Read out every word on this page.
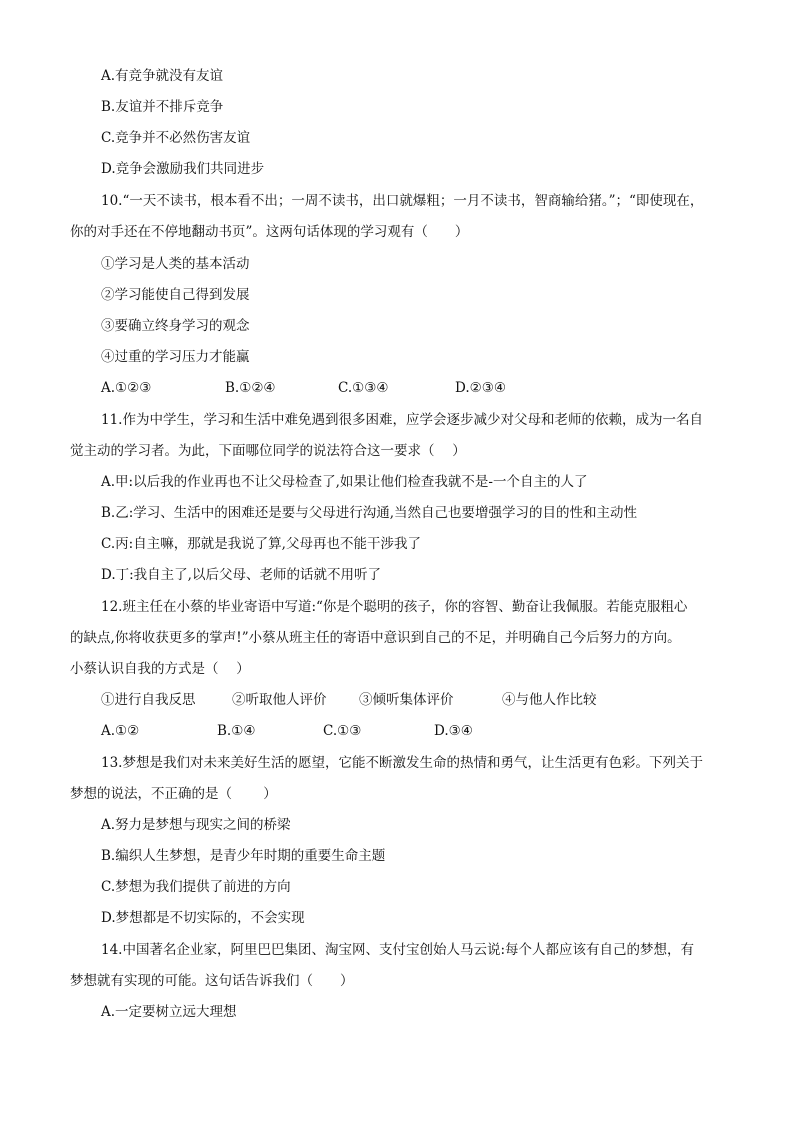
A.有竞争就没有友谊
B.友谊并不排斥竞争
C.竞争并不必然伤害友谊
D.竞争会激励我们共同进步
10.“一天不读书，根本看不出；一周不读书，出口就爆粗；一月不读书，智商输给猪。”；“即使现在，
你的对手还在不停地翻动书页”。这两句话体现的学习观有（　　）
①学习是人类的基本活动
②学习能使自己得到发展
③要确立终身学习的观念
④过重的学习压力才能赢
A.①②③	B.①②④	C.①③④	D.②③④
11.作为中学生，学习和生活中难免遇到很多困难，应学会逐步减少对父母和老师的依赖，成为一名自
觉主动的学习者。为此，下面哪位同学的说法符合这一要求（　 ）
A.甲:以后我的作业再也不让父母检查了,如果让他们检查我就不是-一个自主的人了
B.乙:学习、生活中的困难还是要与父母进行沟通,当然自己也要增强学习的目的性和主动性
C.丙:自主嘛，那就是我说了算,父母再也不能干涉我了
D.丁:我自主了,以后父母、老师的话就不用听了
12.班主任在小蔡的毕业寄语中写道:“你是个聪明的孩子，你的容智、勤奋让我佩服。若能克服粗心
的缺点,你将收获更多的掌声!”小蔡从班主任的寄语中意识到自己的不足，并明确自己今后努力的方向。
小蔡认识自我的方式是（　 ）
①进行自我反思	②听取他人评价	③倾听集体评价	④与他人作比较
A.①②	B.①④	C.①③	D.③④
13.梦想是我们对未来美好生活的愿望，它能不断激发生命的热情和勇气，让生活更有色彩。下列关于
梦想的说法，不正确的是（　　 ）
A.努力是梦想与现实之间的桥梁
B.编织人生梦想，是青少年时期的重要生命主题
C.梦想为我们提供了前进的方向
D.梦想都是不切实际的，不会实现
14.中国著名企业家，阿里巴巴集团、淘宝网、支付宝创始人马云说:每个人都应该有自己的梦想，有
梦想就有实现的可能。这句话告诉我们（　　）
A.一定要树立远大理想
